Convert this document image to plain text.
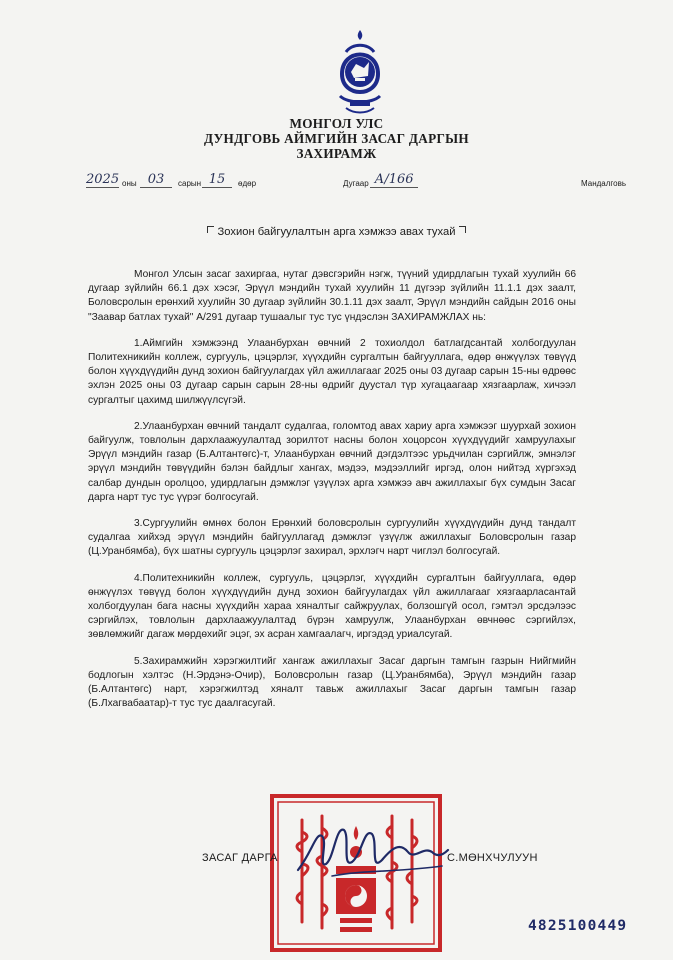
МОНГОЛ УЛС
ДУНДГОВЬ АЙМГИЙН ЗАСАГ ДАРГЫН
ЗАХИРАМЖ
2025 оны 03	сарын 15	өдөр	Дугаар А/166	Мандалговь
Зохион байгуулалтын арга хэмжээ авах тухай

Монгол Улсын засаг захиргаа, нутаг дэвсгэрийн нэгж, түүний удирдлагын тухай хуулийн 66 дугаар зүйлийн 66.1 дэх хэсэг, Эрүүл мэндийн тухай хуулийн 11 дүгээр зүйлийн 11.1.1 дэх заалт, Боловсролын ерөнхий хуулийн 30 дугаар зүйлийн 30.1.11 дэх заалт, Эрүүл мэндийн сайдын 2016 оны "Заавар батлах тухай" А/291 дугаар тушаалыг тус тус үндэслэн ЗАХИРАМЖЛАХ нь:

1.Аймгийн хэмжээнд Улаанбурхан өвчний 2 тохиолдол батлагдсантай холбогдуулан Политехникийн коллеж, сургууль, цэцэрлэг, хүүхдийн сургалтын байгууллага, өдөр өнжүүлэх төвүүд болон хүүхдүүдийн дунд зохион байгуулагдах үйл ажиллагааг 2025 оны 03 дугаар сарын 15-ны өдрөөс эхлэн 2025 оны 03 дугаар сарын сарын 28-ны өдрийг дуустал түр хугацаагаар хязгаарлаж, хичээл сургалтыг цахимд шилжүүлсүгэй.

2.Улаанбурхан өвчний тандалт судалгаа, голомтод авах хариу арга хэмжээг шуурхай зохион байгуулж, товлолын дархлаажуулалтад зорилтот насны болон хоцорсон хүүхдүүдийг хамруулахыг Эрүүл мэндийн газар (Б.Алтантөгс)-т, Улаанбурхан өвчний дэгдэлтээс урьдчилан сэргийлж, эмнэлэг эрүүл мэндийн төвүүдийн бэлэн байдлыг хангах, мэдээ, мэдээллийг иргэд, олон нийтэд хүргэхэд салбар дундын оролцоо, удирдлагын дэмжлэг үзүүлэх арга хэмжээ авч ажиллахыг бүх сумдын Засаг дарга нарт тус тус үүрэг болгосугай.

3.Сургуулийн өмнөх болон Ерөнхий боловсролын сургуулийн хүүхдүүдийн дунд тандалт судалгаа хийхэд эрүүл мэндийн байгууллагад дэмжлэг үзүүлж ажиллахыг Боловсролын газар (Ц.Уранбямба), бүх шатны сургууль цэцэрлэг захирал, эрхлэгч нарт чиглэл болгосугай.

4.Политехникийн коллеж, сургууль, цэцэрлэг, хүүхдийн сургалтын байгууллага, өдөр өнжүүлэх төвүүд болон хүүхдүүдийн дунд зохион байгуулагдах үйл ажиллагааг хязгаарласантай холбогдуулан бага насны хүүхдийн хараа хяналтыг сайжруулах, болзошгүй осол, гэмтэл эрсдэлээс сэргийлэх, товлолын дархлаажуулалтад бүрэн хамруулж, Улаанбурхан өвчнөөс сэргийлэх, зөвлөмжийг дагаж мөрдөхийг эцэг, эх асран хамгаалагч, иргэдэд уриалсугай.

5.Захирамжийн хэрэгжилтийг хангаж ажиллахыг Засаг даргын тамгын газрын Нийгмийн бодлогын хэлтэс (Н.Эрдэнэ-Очир), Боловсролын газар (Ц.Уранбямба), Эрүүл мэндийн газар (Б.Алтантөгс) нарт, хэрэгжилтэд хяналт тавьж ажиллахыг Засаг даргын тамгын газар (Б.Лхагвабаатар)-т тус тус даалгасугай.

ЗАСАГ ДАРГА	С.МӨНХЧУЛУУН
4825100449
